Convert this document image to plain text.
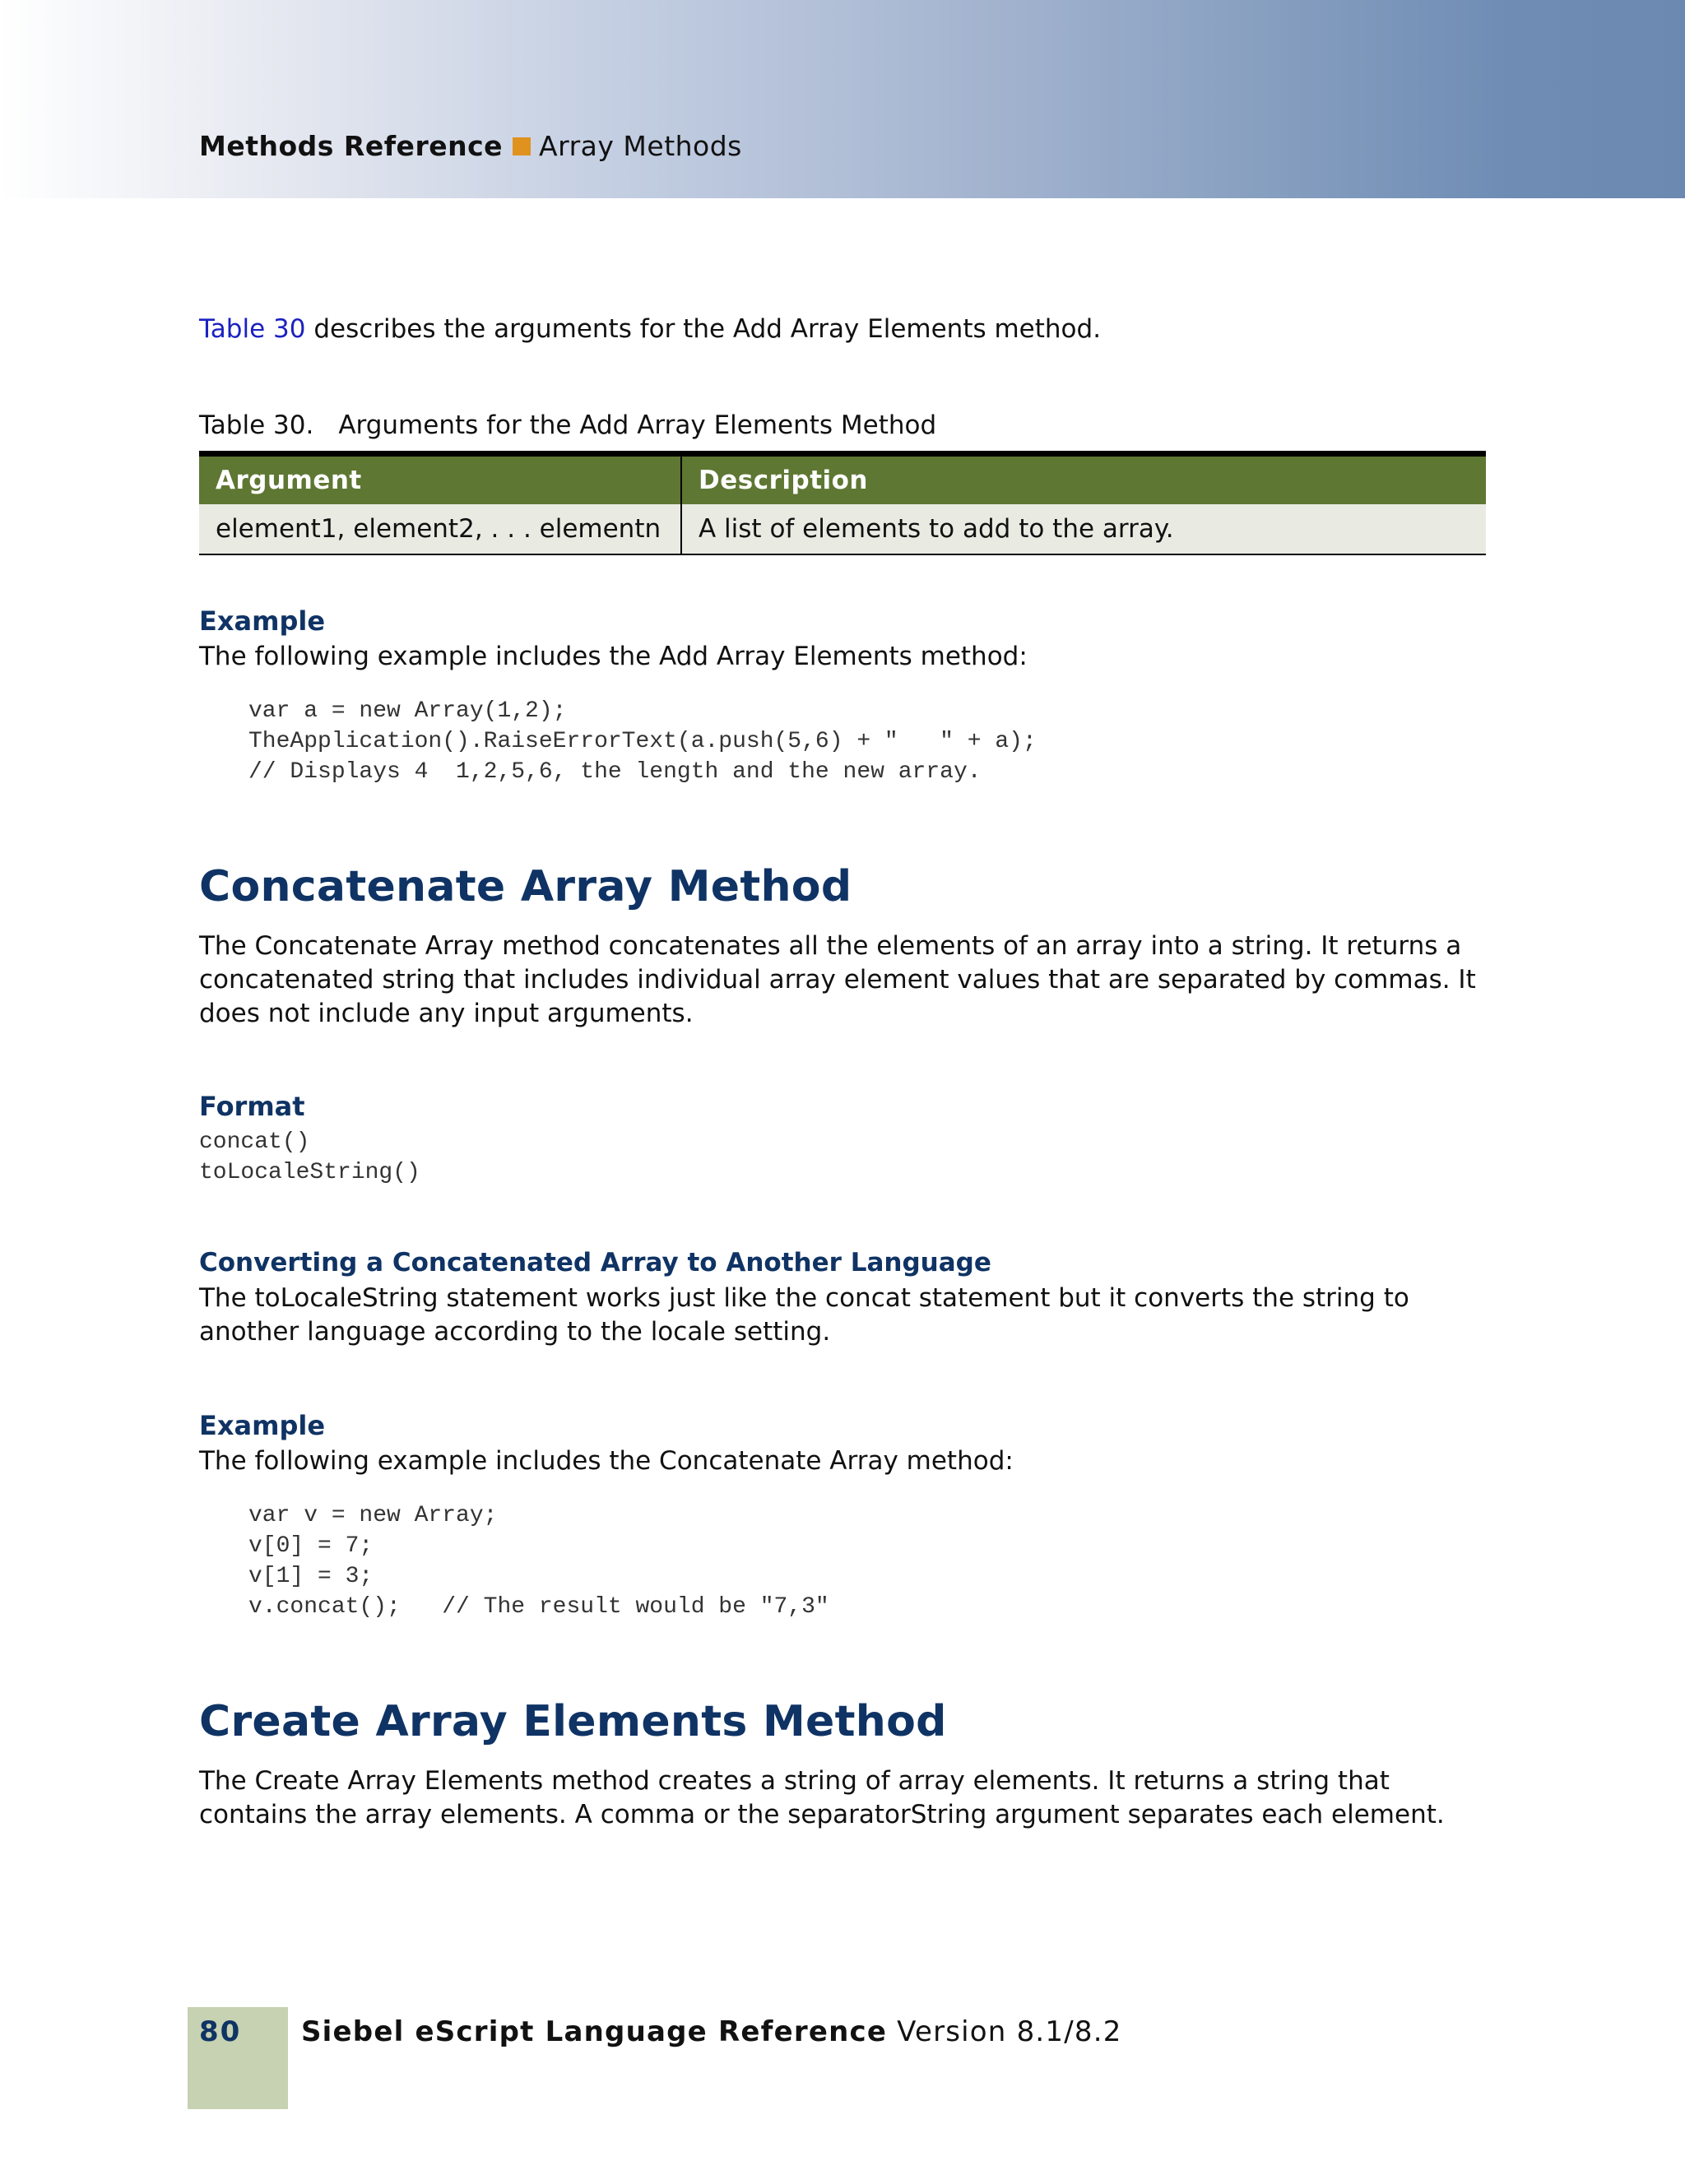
Methods Reference Array Methods

Table 30 describes the arguments for the Add Array Elements method.

Table 30. Arguments for the Add Array Elements Method
Argument	Description
element1, element2, . . . elementn	A list of elements to add to the array.
Example

The following example includes the Add Array Elements method:

var a = new Array(1,2);
TheApplication().RaiseErrorText(a.push(5,6) + "   " + a);
// Displays 4  1,2,5,6, the length and the new array.
Concatenate Array Method

The Concatenate Array method concatenates all the elements of an array into a string. It returns a concatenated string that includes individual array element values that are separated by commas. It does not include any input arguments.

Format
concat()
toLocaleString()
Converting a Concatenated Array to Another Language

The toLocaleString statement works just like the concat statement but it converts the string to another language according to the locale setting.

Example

The following example includes the Concatenate Array method:

var v = new Array;
v[0] = 7;
v[1] = 3;
v.concat();   // The result would be "7,3"
Create Array Elements Method

The Create Array Elements method creates a string of array elements. It returns a string that contains the array elements. A comma or the separatorString argument separates each element.

80 Siebel eScript Language Reference Version 8.1/8.2
